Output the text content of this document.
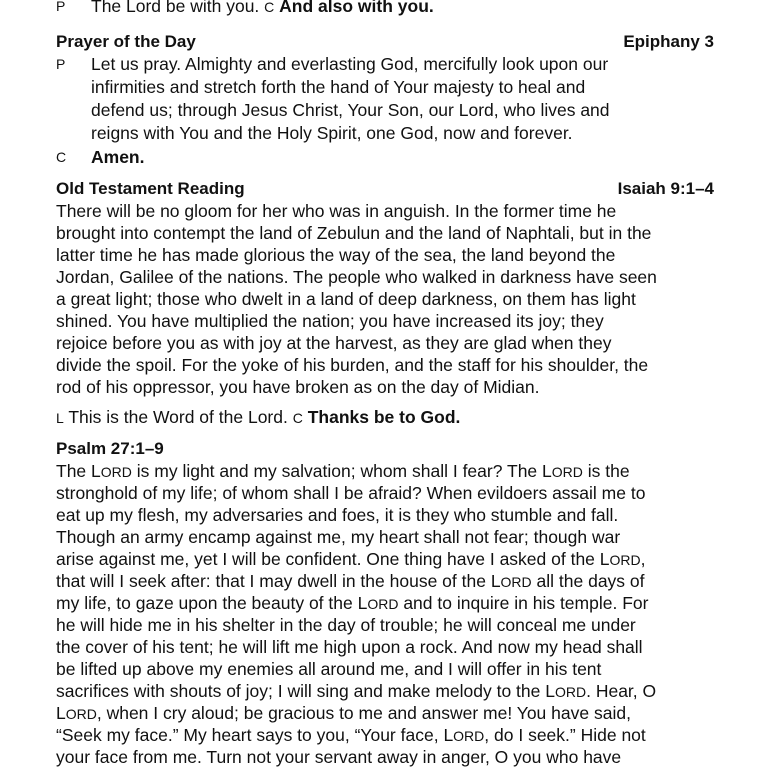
P The Lord be with you. C And also with you.
Prayer of the Day	Epiphany 3
P Let us pray. Almighty and everlasting God, mercifully look upon our
infirmities and stretch forth the hand of Your majesty to heal and
defend us; through Jesus Christ, Your Son, our Lord, who lives and
reigns with You and the Holy Spirit, one God, now and forever.
C Amen.
Old Testament Reading	Isaiah 9:1–4
There will be no gloom for her who was in anguish. In the former time he
brought into contempt the land of Zebulun and the land of Naphtali, but in the
latter time he has made glorious the way of the sea, the land beyond the
Jordan, Galilee of the nations. The people who walked in darkness have seen
a great light; those who dwelt in a land of deep darkness, on them has light
shined. You have multiplied the nation; you have increased its joy; they
rejoice before you as with joy at the harvest, as they are glad when they
divide the spoil. For the yoke of his burden, and the staff for his shoulder, the
rod of his oppressor, you have broken as on the day of Midian.
L This is the Word of the Lord. C Thanks be to God.
Psalm 27:1–9
The LORD is my light and my salvation; whom shall I fear? The LORD is the
stronghold of my life; of whom shall I be afraid? When evildoers assail me to
eat up my flesh, my adversaries and foes, it is they who stumble and fall.
Though an army encamp against me, my heart shall not fear; though war
arise against me, yet I will be confident. One thing have I asked of the LORD,
that will I seek after: that I may dwell in the house of the LORD all the days of
my life, to gaze upon the beauty of the LORD and to inquire in his temple. For
he will hide me in his shelter in the day of trouble; he will conceal me under
the cover of his tent; he will lift me high upon a rock. And now my head shall
be lifted up above my enemies all around me, and I will offer in his tent
sacrifices with shouts of joy; I will sing and make melody to the LORD. Hear, O
LORD, when I cry aloud; be gracious to me and answer me! You have said,
“Seek my face.” My heart says to you, “Your face, LORD, do I seek.” Hide not
your face from me. Turn not your servant away in anger, O you who have
